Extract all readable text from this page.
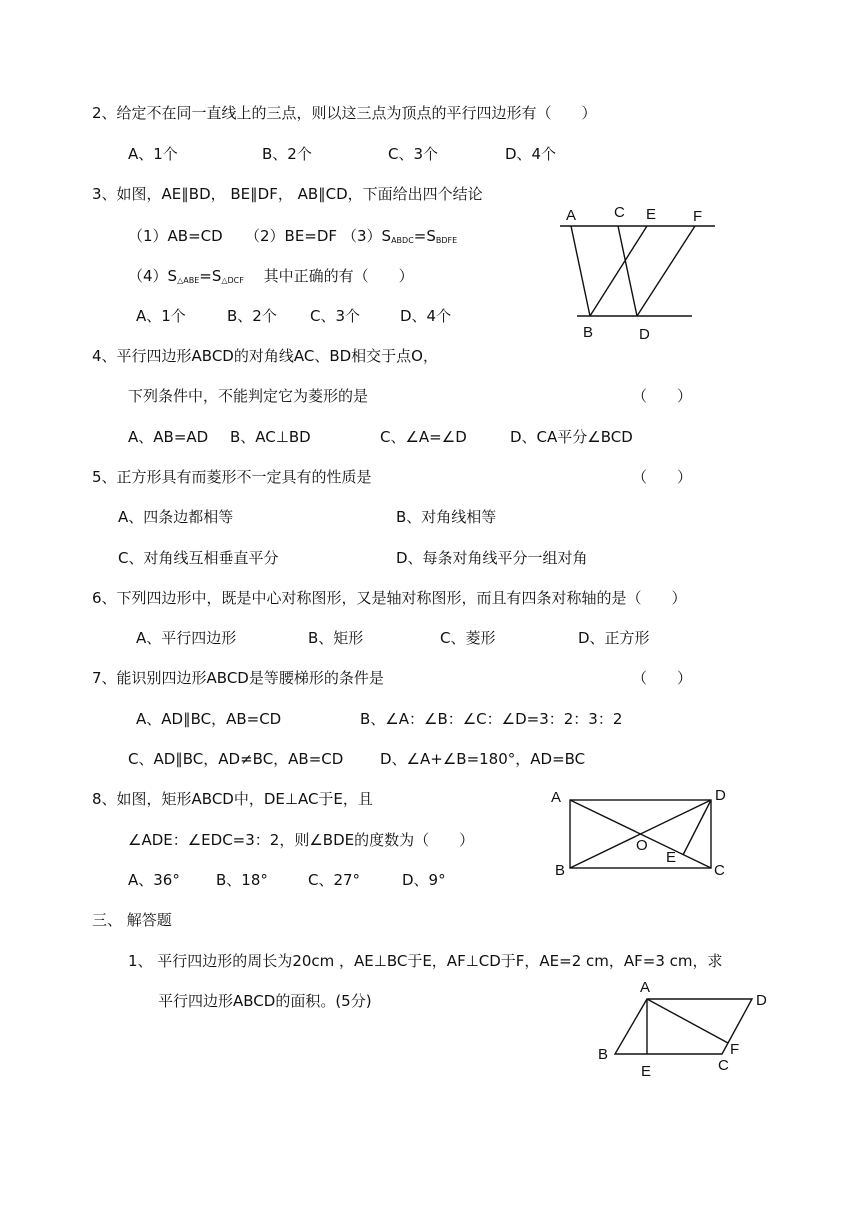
2、给定不在同一直线上的三点，则以这三点为顶点的平行四边形有（　　）
A、1个	B、2个	C、3个	D、4个
3、如图，AE∥BD， BE∥DF， AB∥CD，下面给出四个结论
（1）AB=CD （2）BE=DF $(3)S_{ABDC}=S_{BDFE}$
$(4)S_{\triangle ABE}=S_{\triangle DCF}$　 其中正确的有（　　）
A、1个	B、2个 C、3个	D、4个
A	C E F
B	D
4、平行四边形ABCD的对角线AC、BD相交于点O，
下列条件中，不能判定它为菱形的是	（　　）
A、AB=AD B、AC⊥BD	C、∠A=∠D	D、CA平分∠BCD
5、正方形具有而菱形不一定具有的性质是	（　　）
A、四条边都相等	B、对角线相等
C、对角线互相垂直平分	D、每条对角线平分一组对角
6、下列四边形中，既是中心对称图形，又是轴对称图形，而且有四条对称轴的是（　　）
A、平行四边形	B、矩形	C、菱形	D、正方形
7、能识别四边形ABCD是等腰梯形的条件是	（　　）
A、AD∥BC，AB=CD	B、∠A：∠B：∠C：∠D=3：2：3：2
C、AD∥BC，AD≠BC，AB=CD D、∠A+∠B=180°，AD=BC
8、如图，矩形ABCD中，DE⊥AC于E，且
∠ADE：∠EDC=3：2，则∠BDE的度数为（　　）
A、36° B、18°	C、27°	D、9°
A	D
B	C
O
E
三、 解答题
1、 平行四边形的周长为20cm ，AE⊥BC于E，AF⊥CD于F，AE=2 cm，AF=3 cm，求
平行四边形ABCD的面积。(5分)
A
D
B
E	C
F
